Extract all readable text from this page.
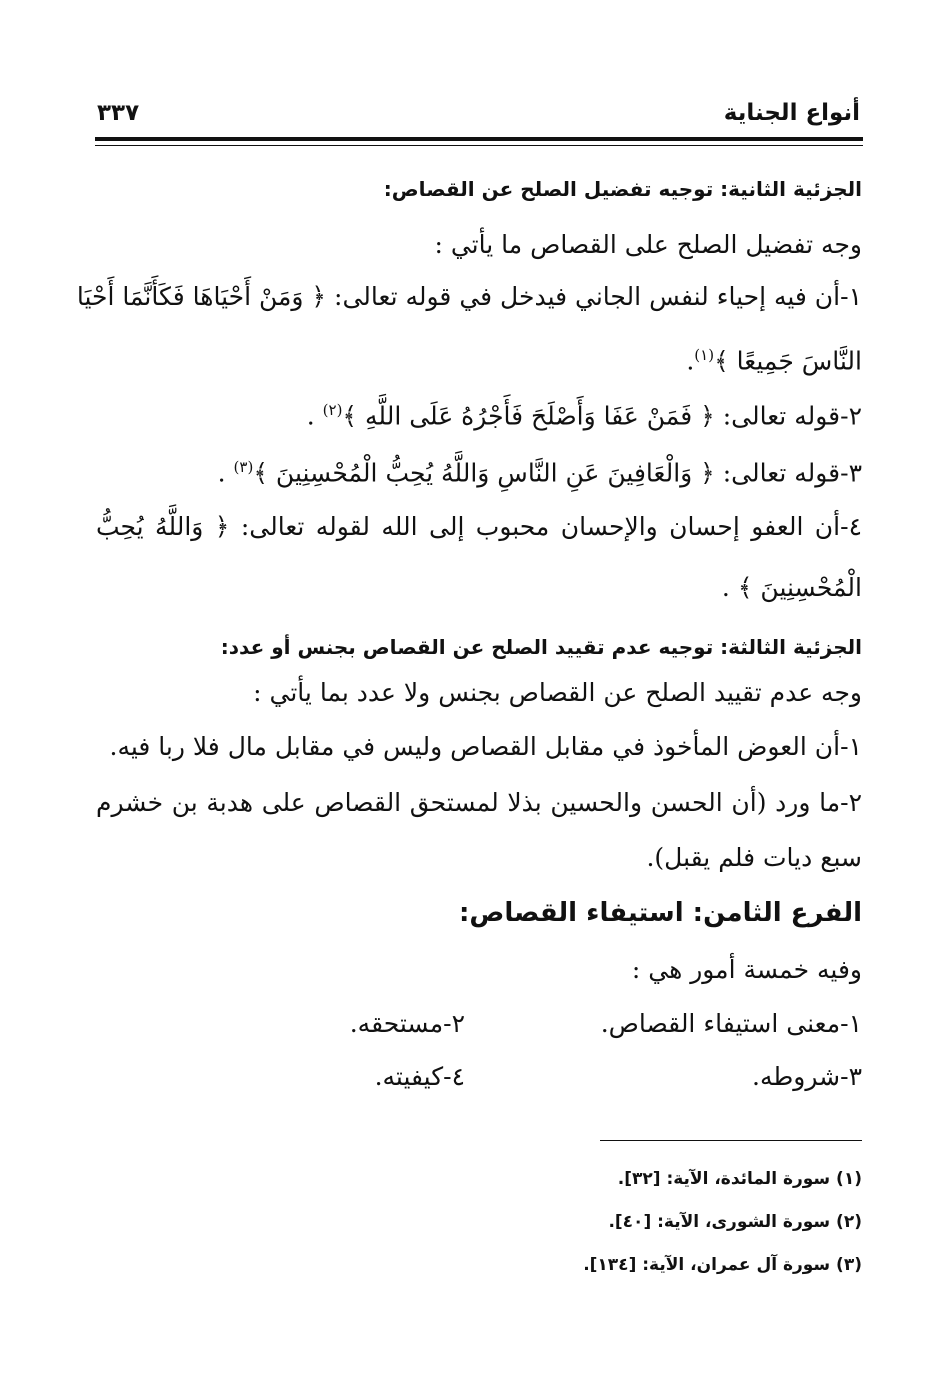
أنواع الجناية
٣٣٧
الجزئية الثانية: توجيه تفضيل الصلح عن القصاص:
وجه تفضيل الصلح على القصاص ما يأتي :
١-أن فيه إحياء لنفس الجاني فيدخل في قوله تعالى: ﴿ وَمَنْ أَحْيَاهَا فَكَأَنَّمَا أَحْيَا
النَّاسَ جَمِيعًا ﴾$^{(١)}$.
٢-قوله تعالى: ﴿ فَمَنْ عَفَا وَأَصْلَحَ فَأَجْرُهُ عَلَى اللَّهِ ﴾$^{(٢)}$ .
٣-قوله تعالى: ﴿ وَالْعَافِينَ عَنِ النَّاسِ وَاللَّهُ يُحِبُّ الْمُحْسِنِينَ ﴾$^{(٣)}$ .
٤-أن العفو إحسان والإحسان محبوب إلى الله لقوله تعالى: ﴿ وَاللَّهُ يُحِبُّ
الْمُحْسِنِينَ ﴾ .
الجزئية الثالثة: توجيه عدم تقييد الصلح عن القصاص بجنس أو عدد:
وجه عدم تقييد الصلح عن القصاص بجنس ولا عدد بما يأتي :
١-أن العوض المأخوذ في مقابل القصاص وليس في مقابل مال فلا ربا فيه.
٢-ما ورد (أن الحسن والحسين بذلا لمستحق القصاص على هدبة بن خشرم
سبع ديات فلم يقبل).
الفرع الثامن: استيفاء القصاص:
وفيه خمسة أمور هي :
١-معنى استيفاء القصاص.
٢-مستحقه.
٣-شروطه.
٤-كيفيته.
(١) سورة المائدة، الآية: [٣٢].
(٢) سورة الشورى، الآية: [٤٠].
(٣) سورة آل عمران، الآية: [١٣٤].
